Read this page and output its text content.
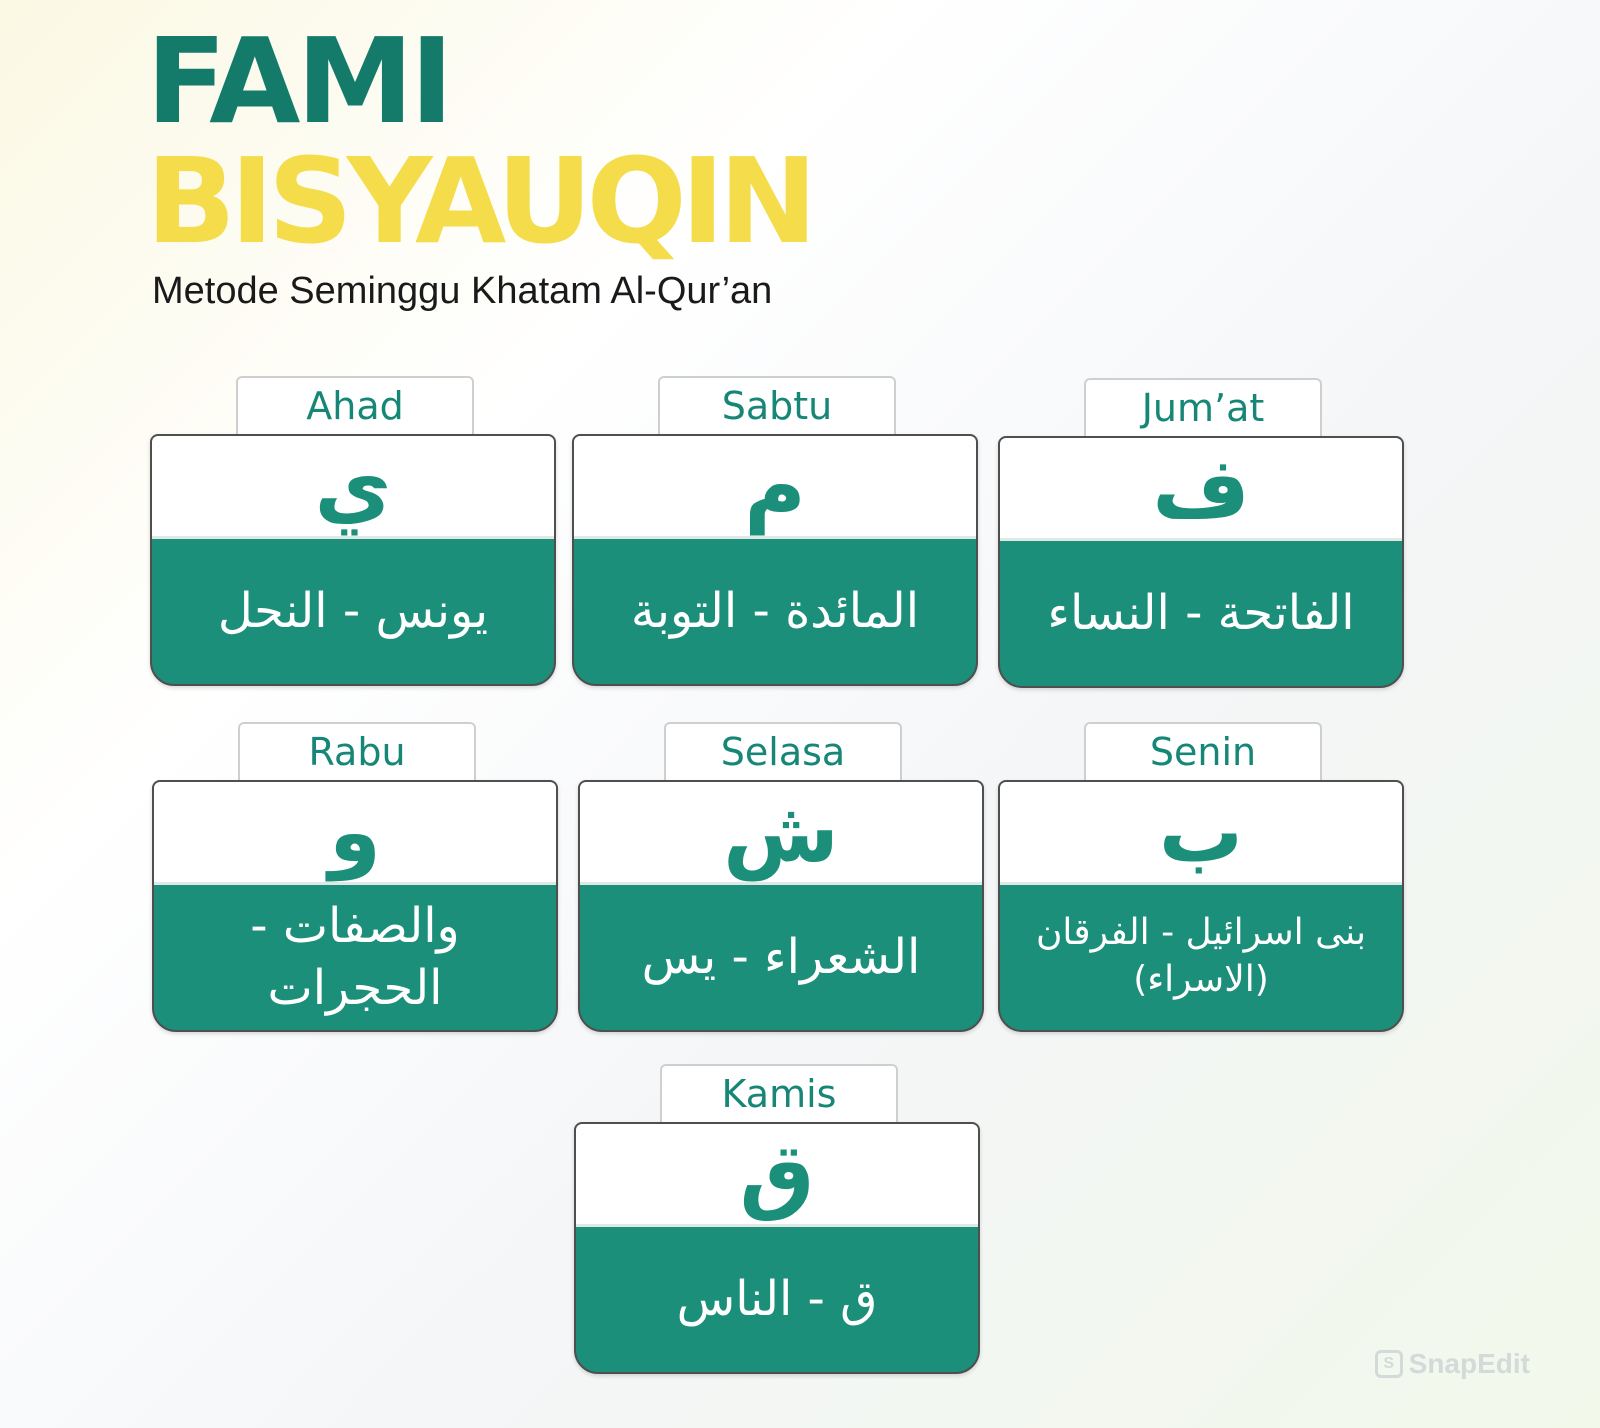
FAMI
BISYAUQIN

Metode Seminggu Khatam Al-Qur’an

Ahad
ي
يونس - النحل
Sabtu
م
المائدة - التوبة
Jum’at
ف
الفاتحة - النساء
Rabu
و
والصفات - الحجرات
Selasa
ش
الشعراء - يس
Senin
ب
بنى اسرائيل - الفرقان (الاسراء)
Kamis
ق
ق - الناس
S SnapEdit
